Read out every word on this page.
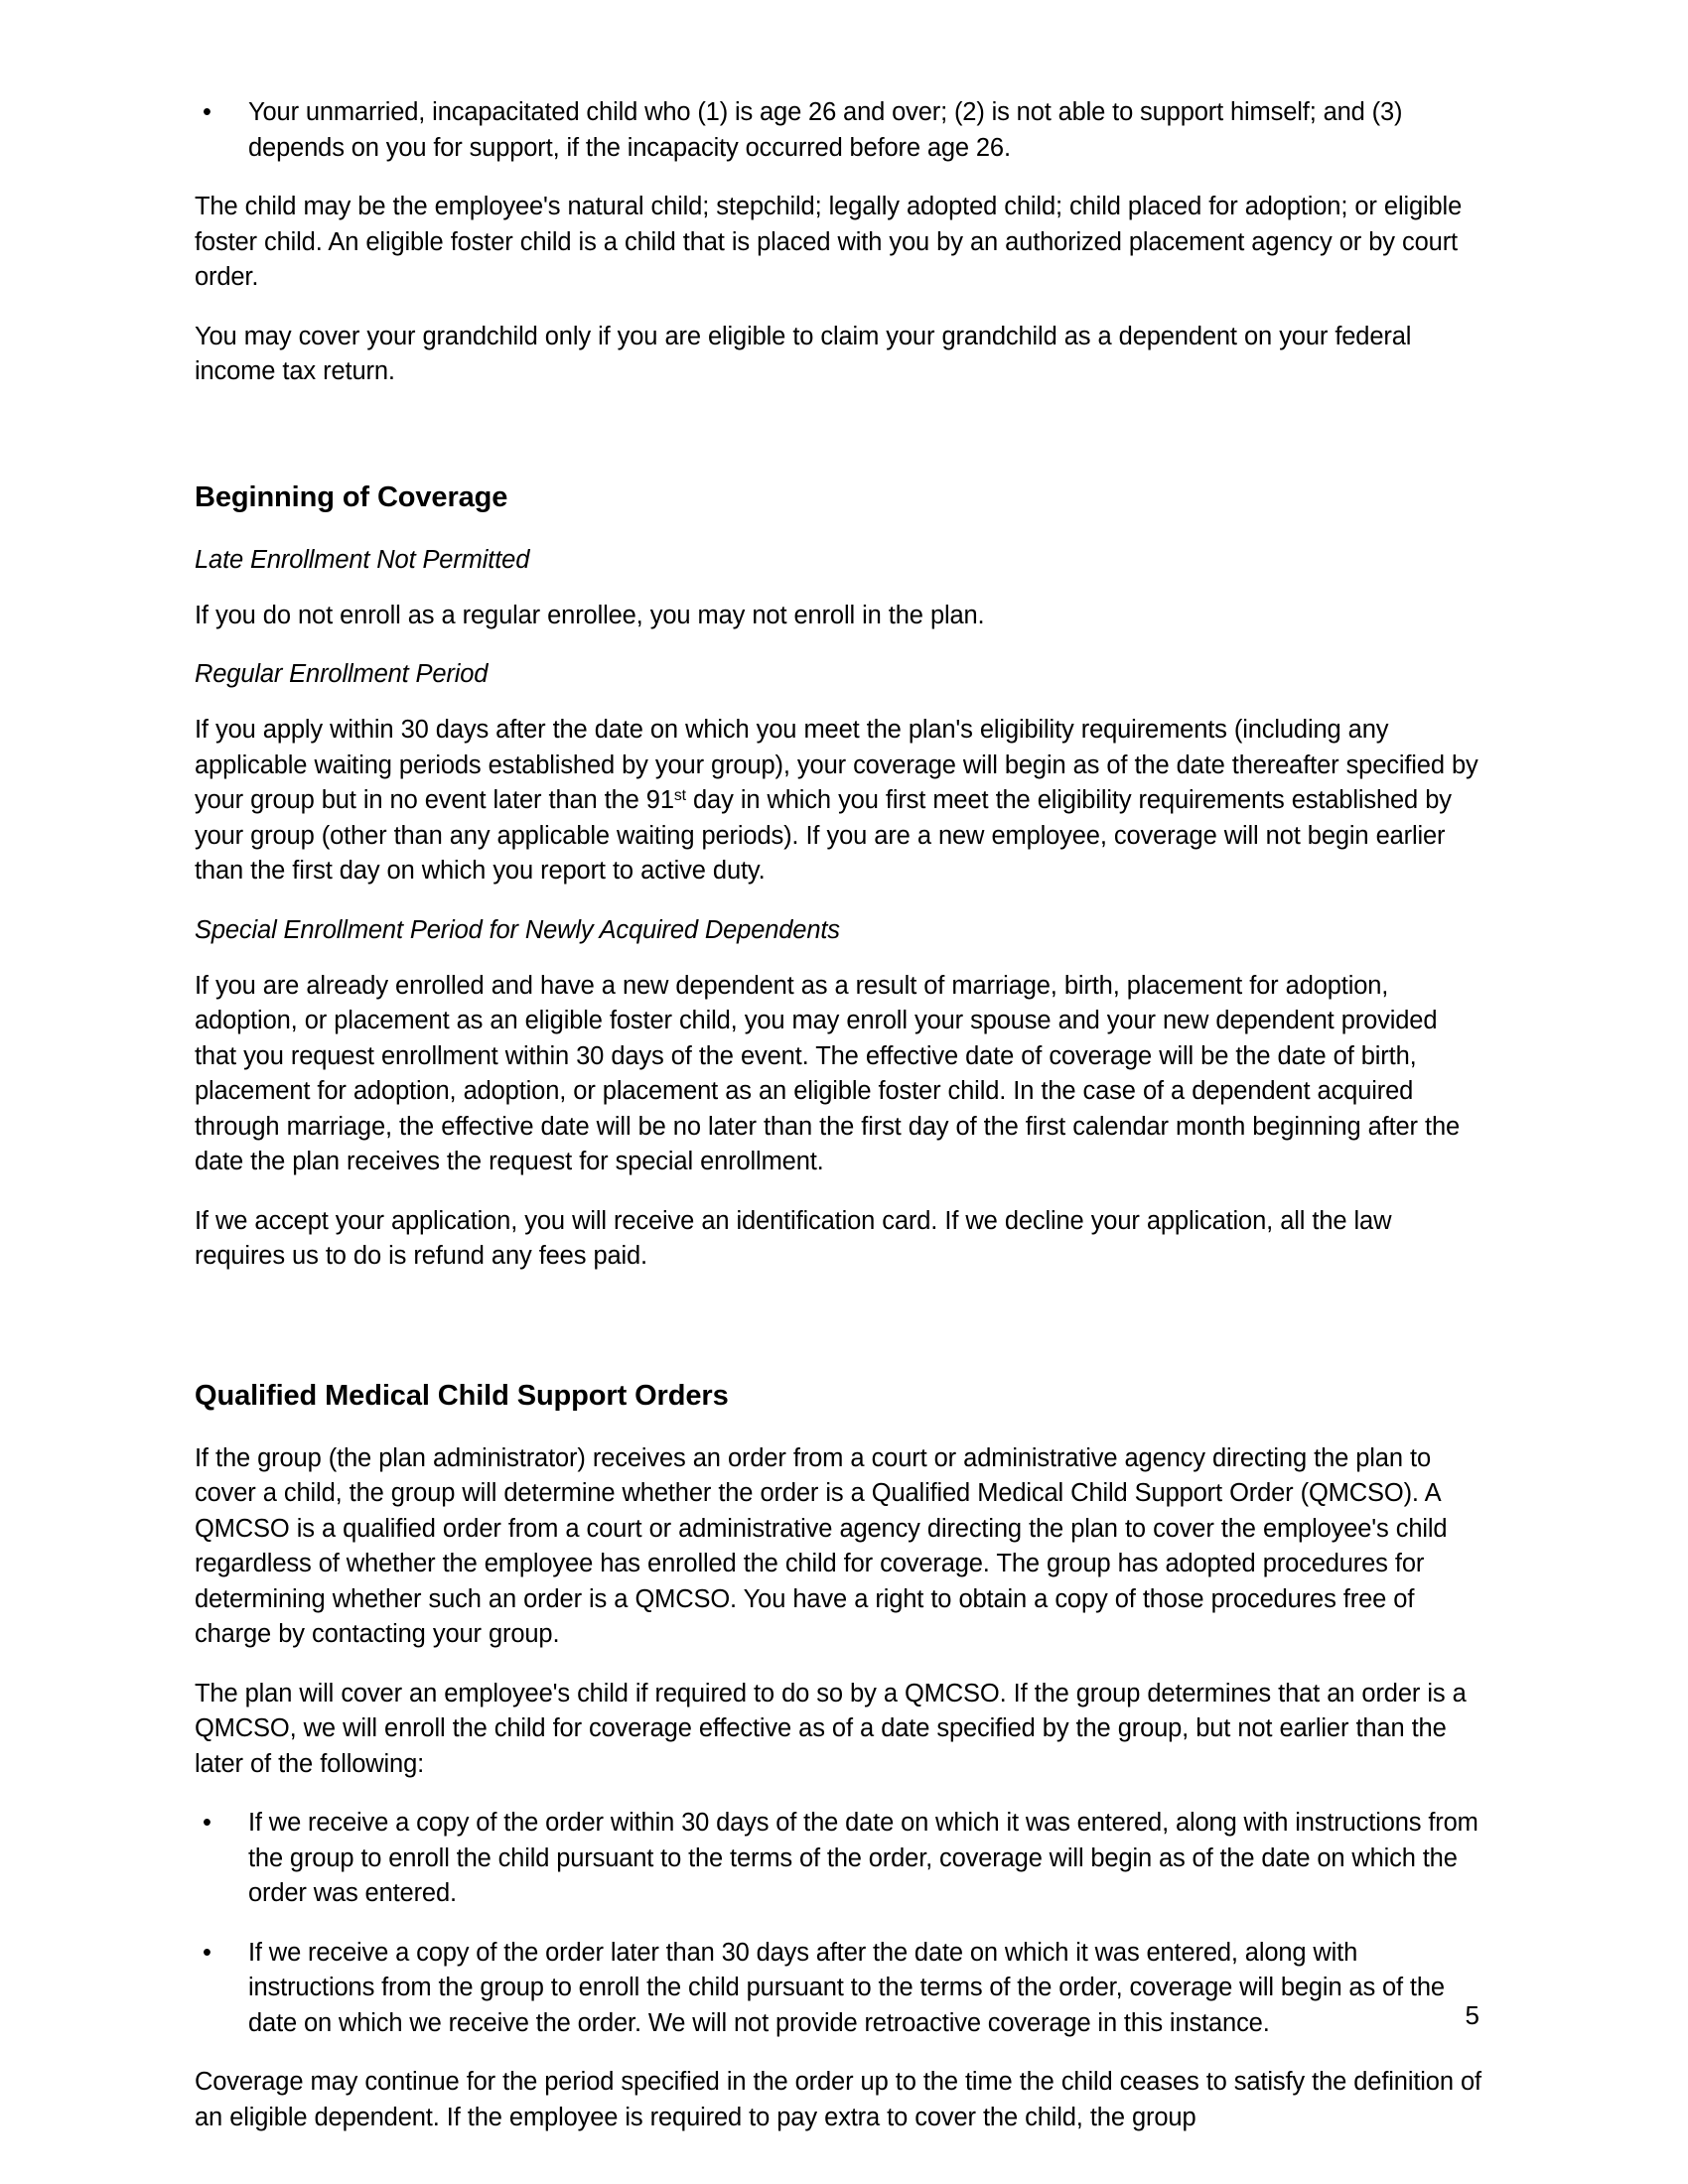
• Your unmarried, incapacitated child who (1) is age 26 and over; (2) is not able to support himself; and (3) depends on you for support, if the incapacity occurred before age 26.

The child may be the employee's natural child; stepchild; legally adopted child; child placed for adoption; or eligible foster child. An eligible foster child is a child that is placed with you by an authorized placement agency or by court order.

You may cover your grandchild only if you are eligible to claim your grandchild as a dependent on your federal income tax return.

Beginning of Coverage
Late Enrollment Not Permitted

If you do not enroll as a regular enrollee, you may not enroll in the plan.

Regular Enrollment Period

If you apply within 30 days after the date on which you meet the plan's eligibility requirements (including any applicable waiting periods established by your group), your coverage will begin as of the date thereafter specified by your group but in no event later than the 91st day in which you first meet the eligibility requirements established by your group (other than any applicable waiting periods). If you are a new employee, coverage will not begin earlier than the first day on which you report to active duty.

Special Enrollment Period for Newly Acquired Dependents

If you are already enrolled and have a new dependent as a result of marriage, birth, placement for adoption, adoption, or placement as an eligible foster child, you may enroll your spouse and your new dependent provided that you request enrollment within 30 days of the event. The effective date of coverage will be the date of birth, placement for adoption, adoption, or placement as an eligible foster child. In the case of a dependent acquired through marriage, the effective date will be no later than the first day of the first calendar month beginning after the date the plan receives the request for special enrollment.

If we accept your application, you will receive an identification card. If we decline your application, all the law requires us to do is refund any fees paid.

Qualified Medical Child Support Orders

If the group (the plan administrator) receives an order from a court or administrative agency directing the plan to cover a child, the group will determine whether the order is a Qualified Medical Child Support Order (QMCSO). A QMCSO is a qualified order from a court or administrative agency directing the plan to cover the employee's child regardless of whether the employee has enrolled the child for coverage. The group has adopted procedures for determining whether such an order is a QMCSO. You have a right to obtain a copy of those procedures free of charge by contacting your group.

The plan will cover an employee's child if required to do so by a QMCSO. If the group determines that an order is a QMCSO, we will enroll the child for coverage effective as of a date specified by the group, but not earlier than the later of the following:

• If we receive a copy of the order within 30 days of the date on which it was entered, along with instructions from the group to enroll the child pursuant to the terms of the order, coverage will begin as of the date on which the order was entered.
• If we receive a copy of the order later than 30 days after the date on which it was entered, along with instructions from the group to enroll the child pursuant to the terms of the order, coverage will begin as of the date on which we receive the order. We will not provide retroactive coverage in this instance.

Coverage may continue for the period specified in the order up to the time the child ceases to satisfy the definition of an eligible dependent. If the employee is required to pay extra to cover the child, the group

5
